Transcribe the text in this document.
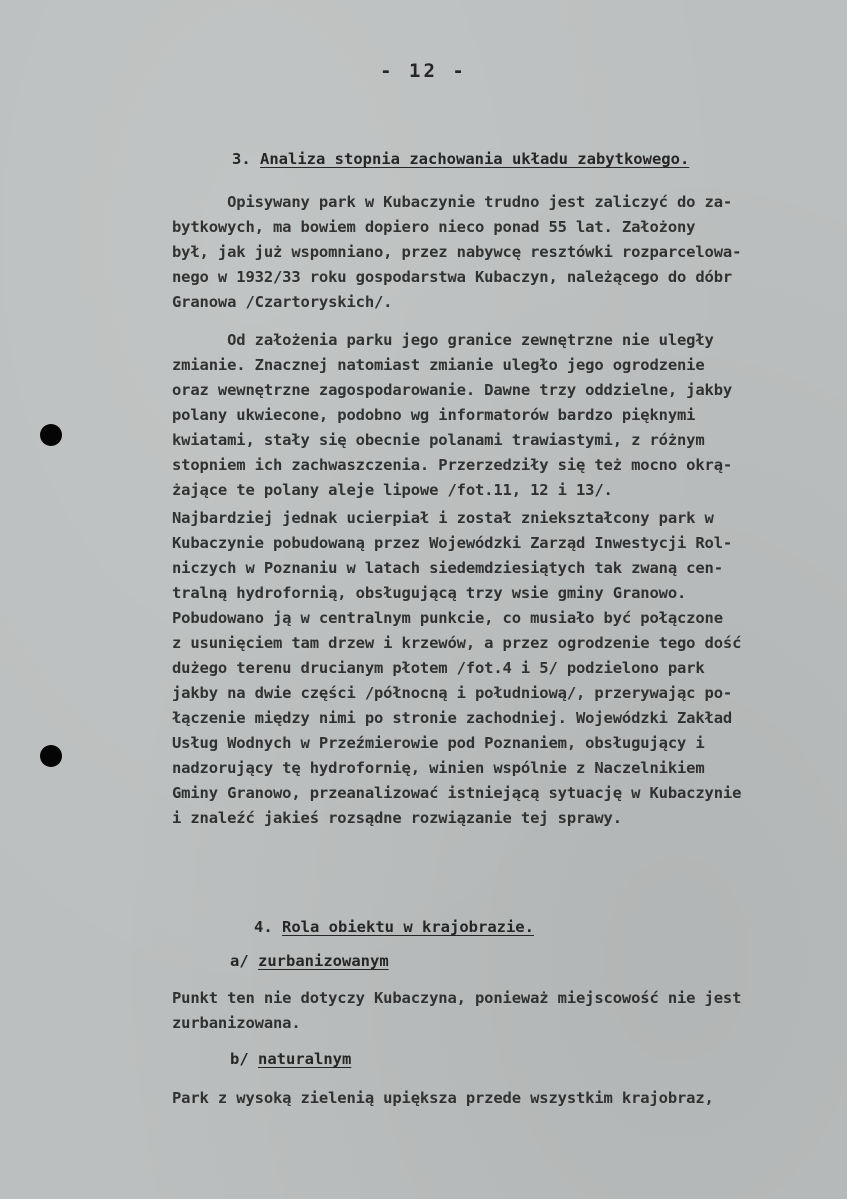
- 12 -
3. Analiza stopnia zachowania układu zabytkowego.
Opisywany park w Kubaczynie trudno jest zaliczyć do za-
bytkowych, ma bowiem dopiero nieco ponad 55 lat. Założony
był, jak już wspomniano, przez nabywcę resztówki rozparcelowa-
nego w 1932/33 roku gospodarstwa Kubaczyn, należącego do dóbr
Granowa /Czartoryskich/.
Od założenia parku jego granice zewnętrzne nie uległy
zmianie. Znacznej natomiast zmianie uległo jego ogrodzenie
oraz wewnętrzne zagospodarowanie. Dawne trzy oddzielne, jakby
polany ukwiecone, podobno wg informatorów bardzo pięknymi
kwiatami, stały się obecnie polanami trawiastymi, z różnym
stopniem ich zachwaszczenia. Przerzedziły się też mocno okrą-
żające te polany aleje lipowe /fot.11, 12 i 13/.
Najbardziej jednak ucierpiał i został zniekształcony park w
Kubaczynie pobudowaną przez Wojewódzki Zarząd Inwestycji Rol-
niczych w Poznaniu w latach siedemdziesiątych tak zwaną cen-
tralną hydrofornią, obsługującą trzy wsie gminy Granowo.
Pobudowano ją w centralnym punkcie, co musiało być połączone
z usunięciem tam drzew i krzewów, a przez ogrodzenie tego dość
dużego terenu drucianym płotem /fot.4 i 5/ podzielono park
jakby na dwie części /północną i południową/, przerywając po-
łączenie między nimi po stronie zachodniej. Wojewódzki Zakład
Usług Wodnych w Przeźmierowie pod Poznaniem, obsługujący i
nadzorujący tę hydrofornię, winien wspólnie z Naczelnikiem
Gminy Granowo, przeanalizować istniejącą sytuację w Kubaczynie
i znaleźć jakieś rozsądne rozwiązanie tej sprawy.
4. Rola obiektu w krajobrazie.
a/ zurbanizowanym
Punkt ten nie dotyczy Kubaczyna, ponieważ miejscowość nie jest
zurbanizowana.
b/ naturalnym
Park z wysoką zielenią upiększa przede wszystkim krajobraz,
